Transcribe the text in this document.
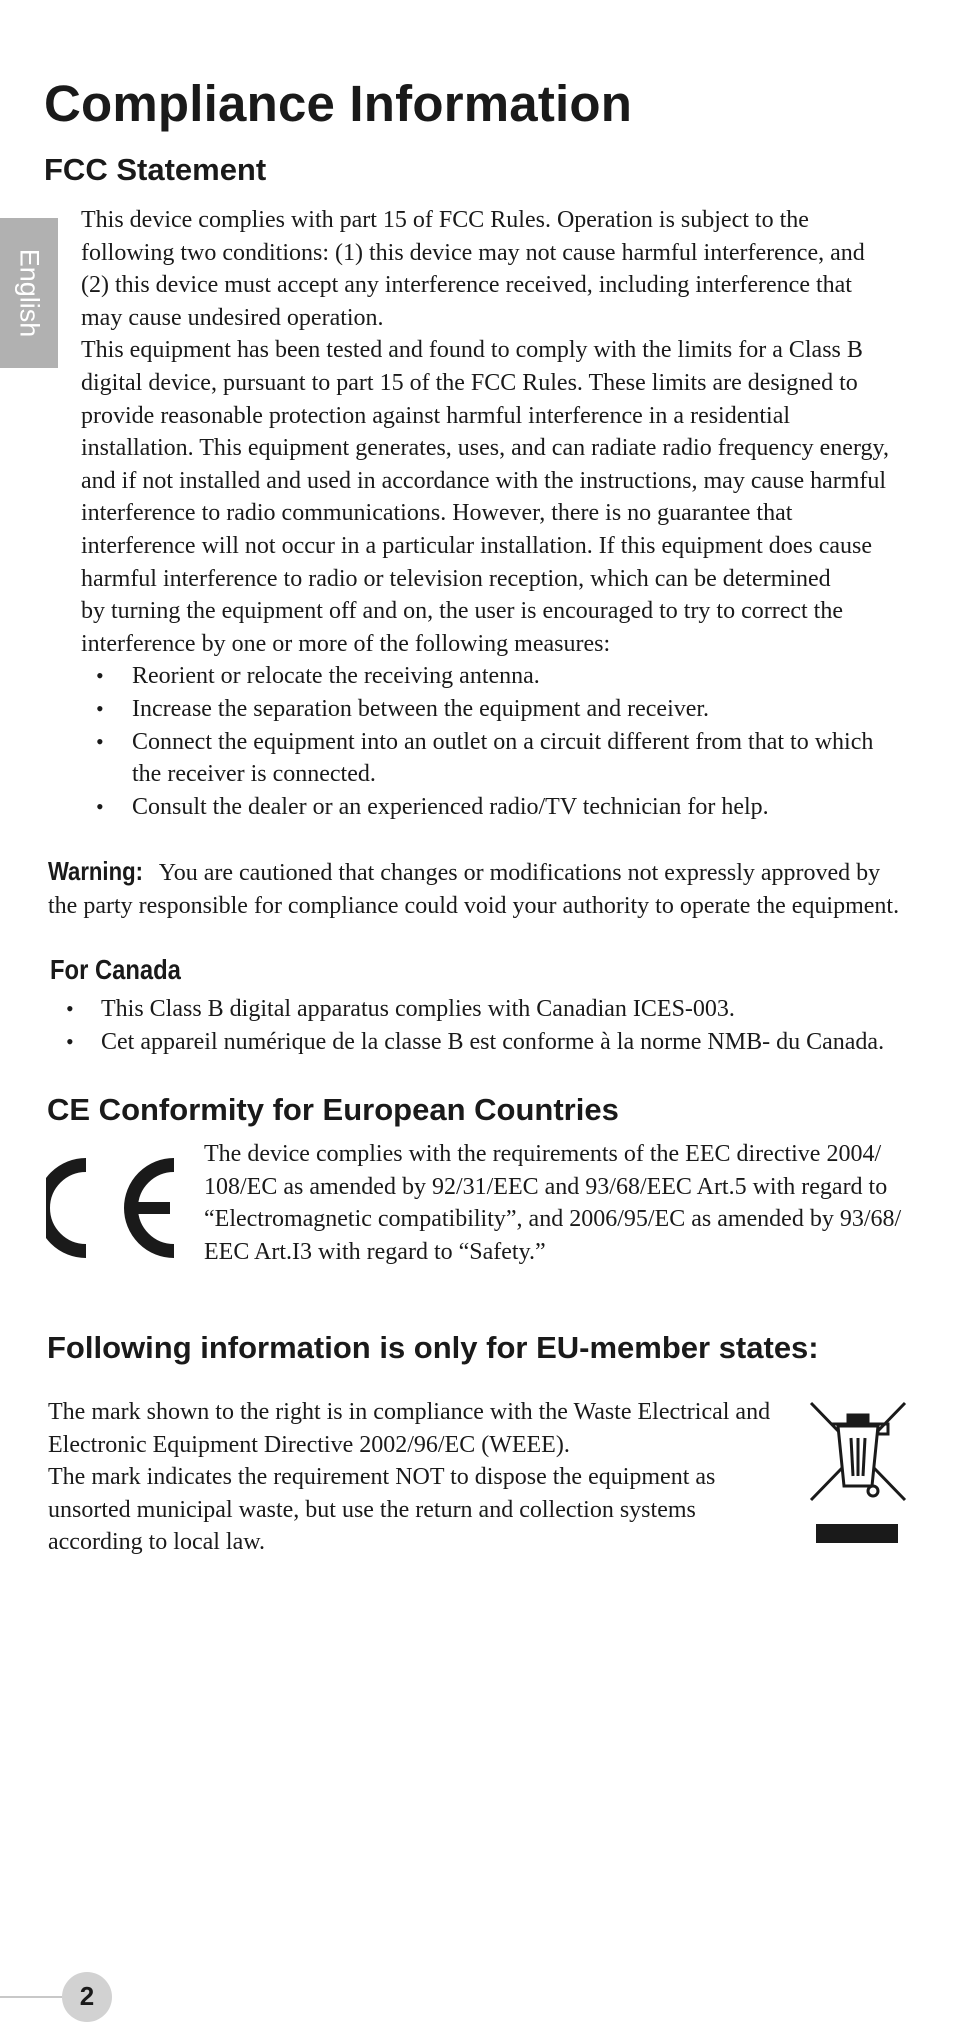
Compliance Information
FCC Statement
English

This device complies with part 15 of FCC Rules. Operation is subject to the
following two conditions: (1) this device may not cause harmful interference, and
(2) this device must accept any interference received, including interference that
may cause undesired operation.

This equipment has been tested and found to comply with the limits for a Class B
digital device, pursuant to part 15 of the FCC Rules. These limits are designed to
provide reasonable protection against harmful interference in a residential
installation. This equipment generates, uses, and can radiate radio frequency energy,
and if not installed and used in accordance with the instructions, may cause harmful
interference to radio communications. However, there is no guarantee that
interference will not occur in a particular installation. If this equipment does cause
harmful interference to radio or television reception, which can be determined
by turning the equipment off and on, the user is encouraged to try to correct the
interference by one or more of the following measures:

• Reorient or relocate the receiving antenna.
• Increase the separation between the equipment and receiver.
• Connect the equipment into an outlet on a circuit different from that to which
the receiver is connected.
• Consult the dealer or an experienced radio/TV technician for help.

Warning: You are cautioned that changes or modifications not expressly approved by
the party responsible for compliance could void your authority to operate the equipment.

For Canada
• This Class B digital apparatus complies with Canadian ICES-003.
• Cet appareil numérique de la classe B est conforme à la norme NMB- du Canada.
CE Conformity for European Countries

The device complies with the requirements of the EEC directive 2004/
108/EC as amended by 92/31/EEC and 93/68/EEC Art.5 with regard to
“Electromagnetic compatibility”, and 2006/95/EC as amended by 93/68/
EEC Art.I3 with regard to “Safety.”

Following information is only for EU-member states:

The mark shown to the right is in compliance with the Waste Electrical and
Electronic Equipment Directive 2002/96/EC (WEEE).
The mark indicates the requirement NOT to dispose the equipment as
unsorted municipal waste, but use the return and collection systems
according to local law.

2
